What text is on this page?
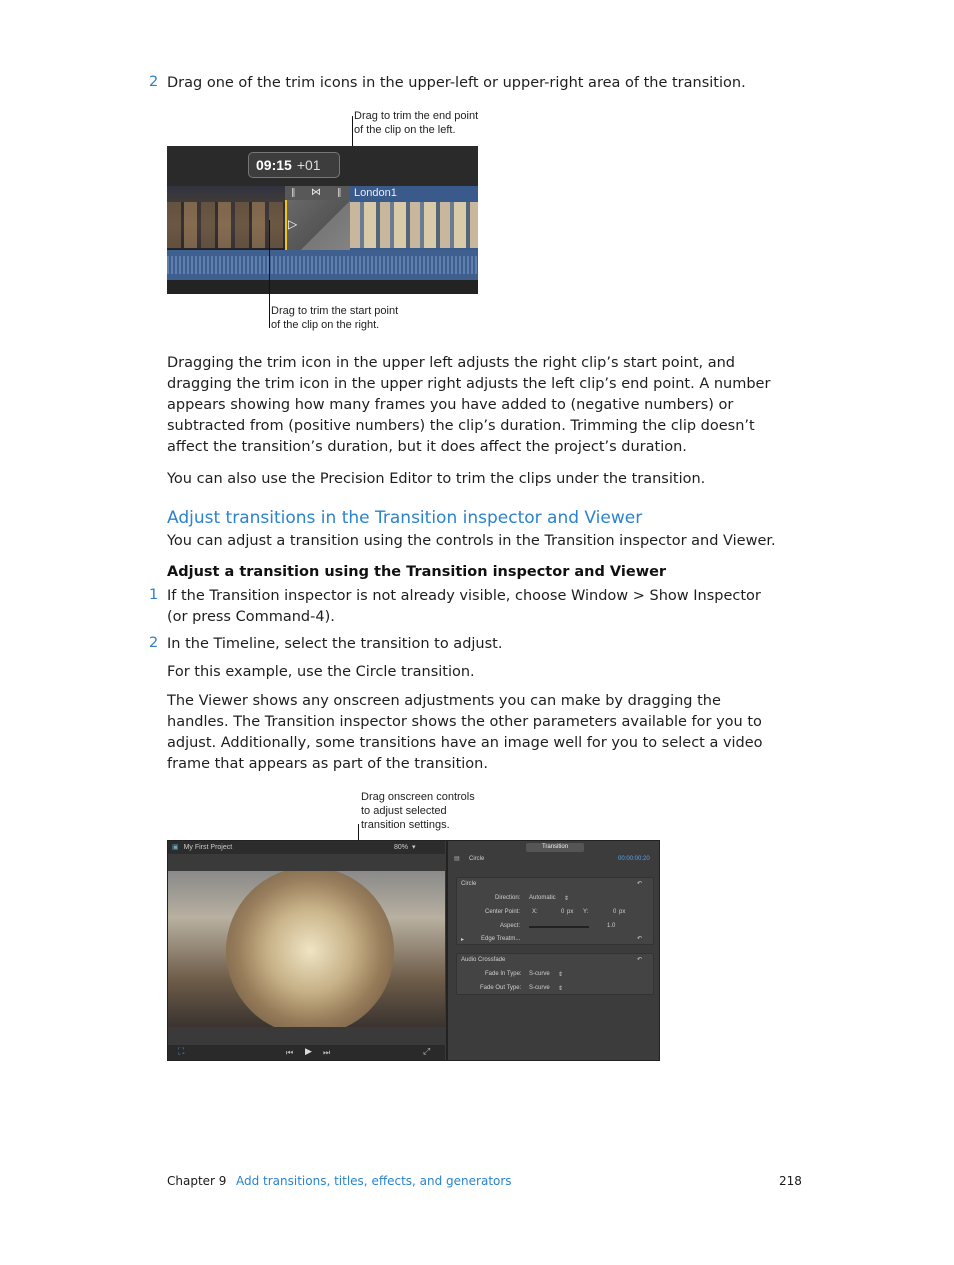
2 Drag one of the trim icons in the upper-left or upper-right area of the transition.
Drag to trim the end point
of the clip on the left.
09:15 +01
London1
‖ ⋈ ‖
▷
Drag to trim the start point
of the clip on the right.
Dragging the trim icon in the upper left adjusts the right clip’s start point, and dragging the trim icon in the upper right adjusts the left clip’s end point. A number appears showing how many frames you have added to (negative numbers) or subtracted from (positive numbers) the clip’s duration. Trimming the clip doesn’t affect the transition’s duration, but it does affect the project’s duration.
You can also use the Precision Editor to trim the clips under the transition.
Adjust transitions in the Transition inspector and Viewer
You can adjust a transition using the controls in the Transition inspector and Viewer.
Adjust a transition using the Transition inspector and Viewer
1 If the Transition inspector is not already visible, choose Window > Show Inspector (or press Command-4).
2 In the Timeline, select the transition to adjust.
For this example, use the Circle transition.
The Viewer shows any onscreen adjustments you can make by dragging the handles. The Transition inspector shows the other parameters available for you to adjust. Additionally, some transitions have an image well for you to select a video frame that appears as part of the transition.
Drag onscreen controls
to adjust selected
transition settings.
▣ My First Project	80% ▾
⛶	⏮ ▶ ⏭	⤢
Transition
▤ Circle	00:00:00:20
Circle	↶
Direction: Automatic ⇕
Center Point: X:	0 px Y:	0 px
Aspect:	1.0
▸	Edge Treatm...	↶
Audio Crossfade	↶
Fade In Type: S-curve ⇕
Fade Out Type: S-curve ⇕
Chapter 9 Add transitions, titles, effects, and generators	218
